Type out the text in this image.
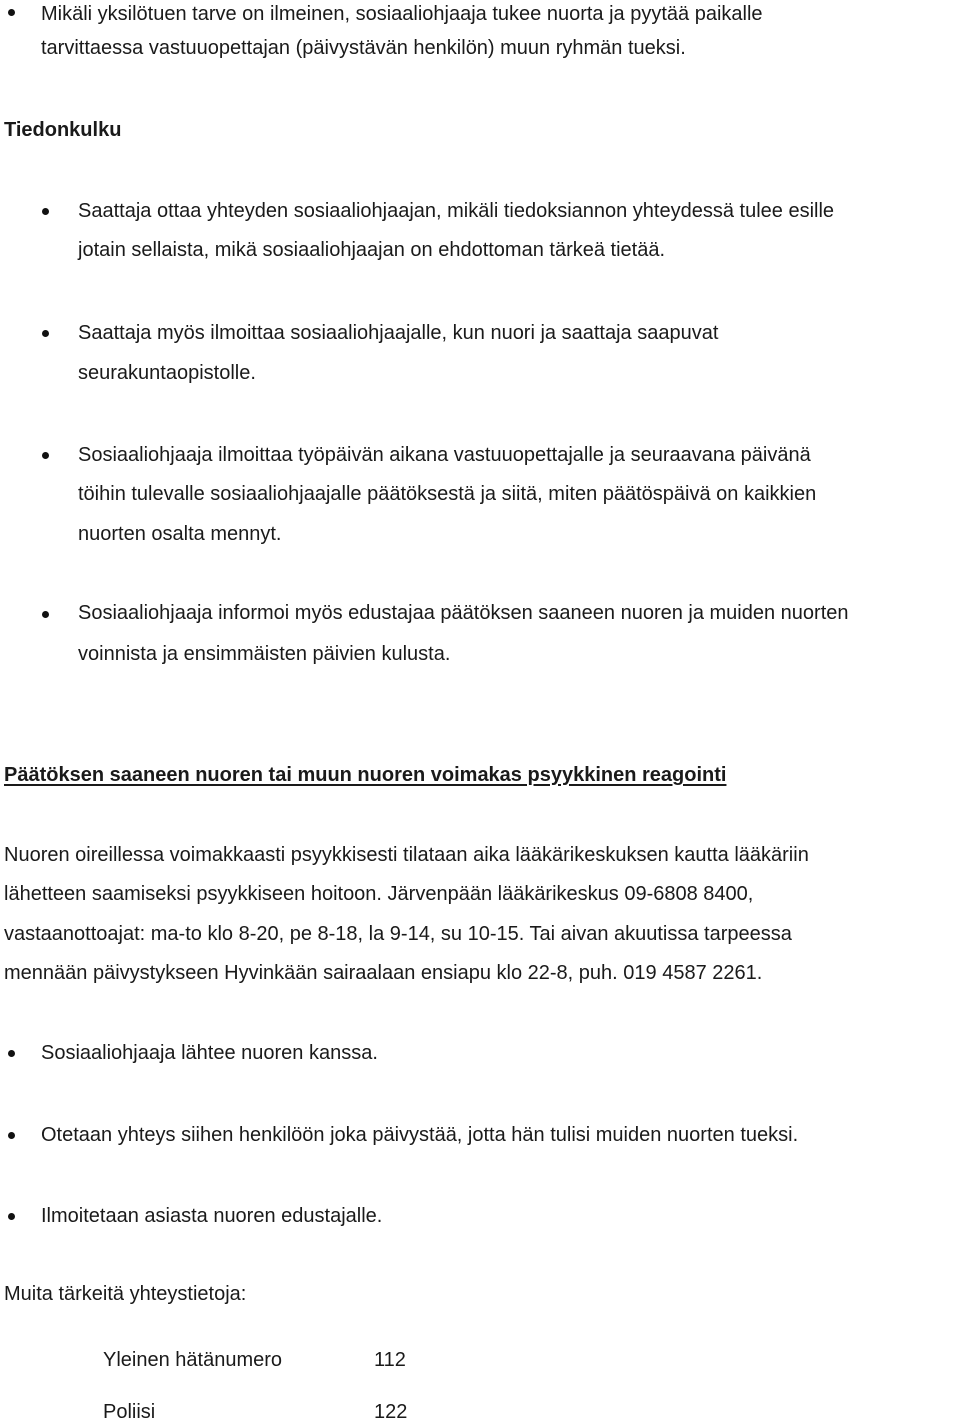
Mikäli yksilötuen tarve on ilmeinen, sosiaaliohjaaja tukee nuorta ja pyytää paikalle
tarvittaessa vastuuopettajan (päivystävän henkilön) muun ryhmän tueksi.
Tiedonkulku
Saattaja ottaa yhteyden sosiaaliohjaajan, mikäli tiedoksiannon yhteydessä tulee esille
jotain sellaista, mikä sosiaaliohjaajan on ehdottoman tärkeä tietää.
Saattaja myös ilmoittaa sosiaaliohjaajalle, kun nuori ja saattaja saapuvat
seurakuntaopistolle.
Sosiaaliohjaaja ilmoittaa työpäivän aikana vastuuopettajalle ja seuraavana päivänä
töihin tulevalle sosiaaliohjaajalle päätöksestä ja siitä, miten päätöspäivä on kaikkien
nuorten osalta mennyt.
Sosiaaliohjaaja informoi myös edustajaa päätöksen saaneen nuoren ja muiden nuorten
voinnista ja ensimmäisten päivien kulusta.
Päätöksen saaneen nuoren tai muun nuoren voimakas psyykkinen reagointi
Nuoren oireillessa voimakkaasti psyykkisesti tilataan aika lääkärikeskuksen kautta lääkäriin
lähetteen saamiseksi psyykkiseen hoitoon. Järvenpään lääkärikeskus 09-6808 8400,
vastaanottoajat: ma-to klo 8-20, pe 8-18, la 9-14, su 10-15. Tai aivan akuutissa tarpeessa
mennään päivystykseen Hyvinkään sairaalaan ensiapu klo 22-8, puh. 019 4587 2261.
Sosiaaliohjaaja lähtee nuoren kanssa.
Otetaan yhteys siihen henkilöön joka päivystää, jotta hän tulisi muiden nuorten tueksi.
Ilmoitetaan asiasta nuoren edustajalle.
Muita tärkeitä yhteystietoja:
Yleinen hätänumero	112
Poliisi	122
